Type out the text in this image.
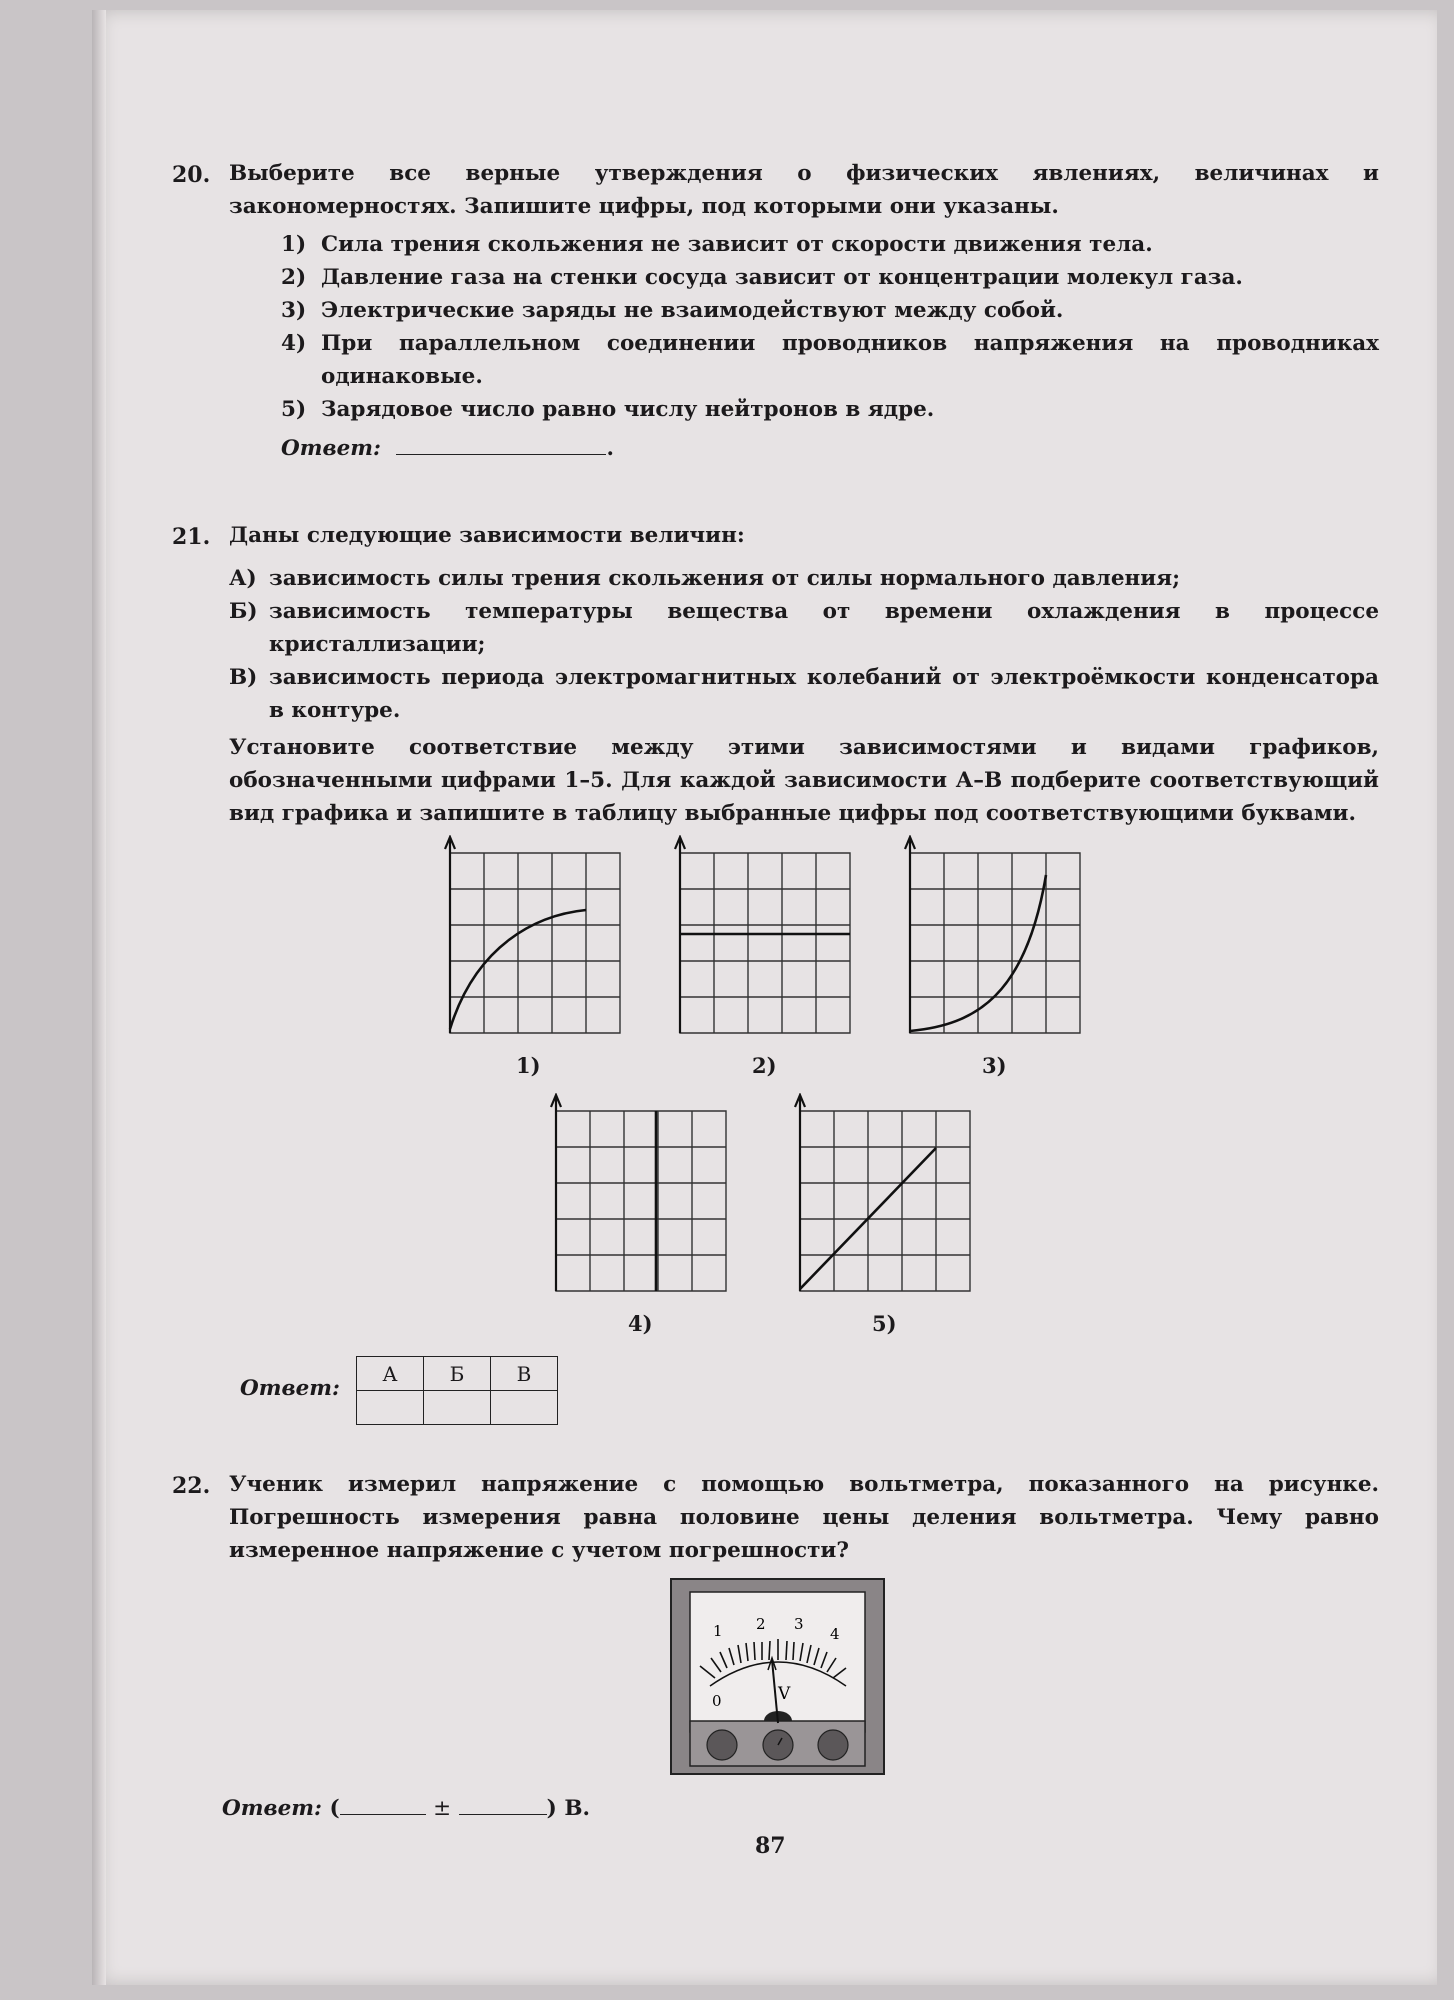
20. Выберите все верные утверждения о физических явлениях, величинах и закономерностях. Запишите цифры, под которыми они указаны.

1) Сила трения скольжения не зависит от скорости движения тела.
2) Давление газа на стенки сосуда зависит от концентрации молекул газа.
3) Электрические заряды не взаимодействуют между собой.
4) При параллельном соединении проводников напряжения на проводниках одинаковые.
5) Зарядовое число равно числу нейтронов в ядре.
Ответ:	.
21. Даны следующие зависимости величин:

А) зависимость силы трения скольжения от силы нормального давления;
Б) зависимость температуры вещества от времени охлаждения в процессе кристаллизации;
В) зависимость периода электромагнитных колебаний от электроёмкости конденсатора в контуре.

Установите соответствие между этими зависимостями и видами графиков, обозначенными цифрами 1–5. Для каждой зависимости А–В подберите соответствующий вид графика и запишите в таблицу выбранные цифры под соответствующими буквами.

1)	2)	3)
4)	5)
Ответ:
А	Б	В

22. Ученик измерил напряжение с помощью вольтметра, показанного на рисунке. Погрешность измерения равна половине цены деления вольтметра. Чему равно измеренное напряжение с учетом погрешности?

0
1 2 3
4
V
Ответ: (	±	) В.
87
